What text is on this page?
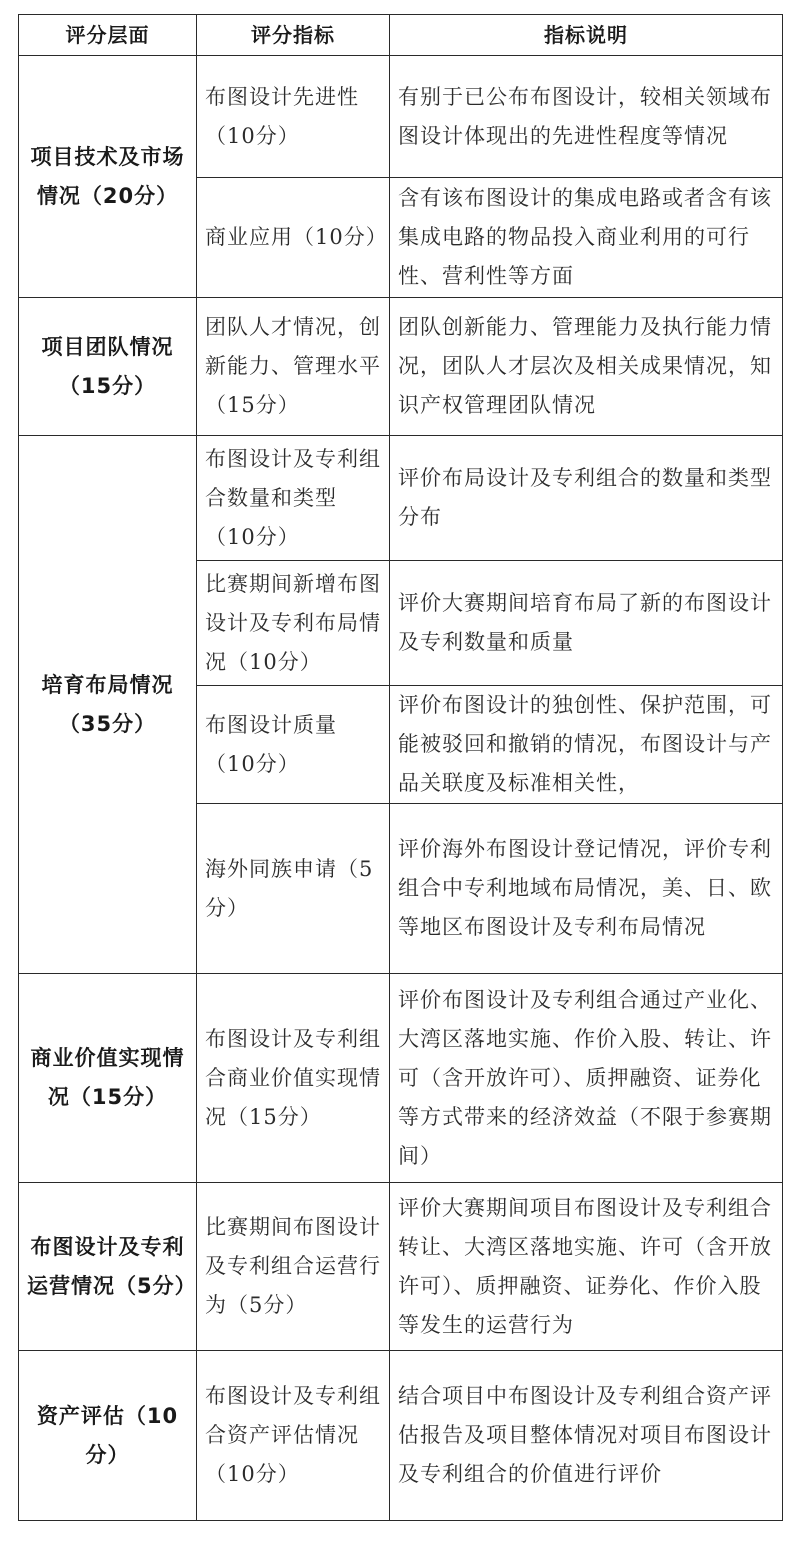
评分层面	评分指标	指标说明
项目技术及市场情况（20分）	布图设计先进性（10分）	有别于已公布布图设计，较相关领域布图设计体现出的先进性程度等情况
	商业应用（10分）	含有该布图设计的集成电路或者含有该集成电路的物品投入商业利用的可行性、营利性等方面
项目团队情况（15分）	团队人才情况，创新能力、管理水平（15分）	团队创新能力、管理能力及执行能力情况，团队人才层次及相关成果情况，知识产权管理团队情况
培育布局情况（35分）	布图设计及专利组合数量和类型（10分）	评价布局设计及专利组合的数量和类型分布
	比赛期间新增布图设计及专利布局情况（10分）	评价大赛期间培育布局了新的布图设计及专利数量和质量
	布图设计质量（10分）	评价布图设计的独创性、保护范围，可能被驳回和撤销的情况，布图设计与产品关联度及标准相关性，
	海外同族申请（5分）	评价海外布图设计登记情况，评价专利组合中专利地域布局情况，美、日、欧等地区布图设计及专利布局情况
商业价值实现情况（15分）	布图设计及专利组合商业价值实现情况（15分）	评价布图设计及专利组合通过产业化、大湾区落地实施、作价入股、转让、许可（含开放许可）、质押融资、证券化等方式带来的经济效益（不限于参赛期间）
布图设计及专利运营情况（5分）	比赛期间布图设计及专利组合运营行为（5分）	评价大赛期间项目布图设计及专利组合转让、大湾区落地实施、许可（含开放许可）、质押融资、证券化、作价入股等发生的运营行为
资产评估（10分）	布图设计及专利组合资产评估情况（10分）	结合项目中布图设计及专利组合资产评估报告及项目整体情况对项目布图设计及专利组合的价值进行评价
